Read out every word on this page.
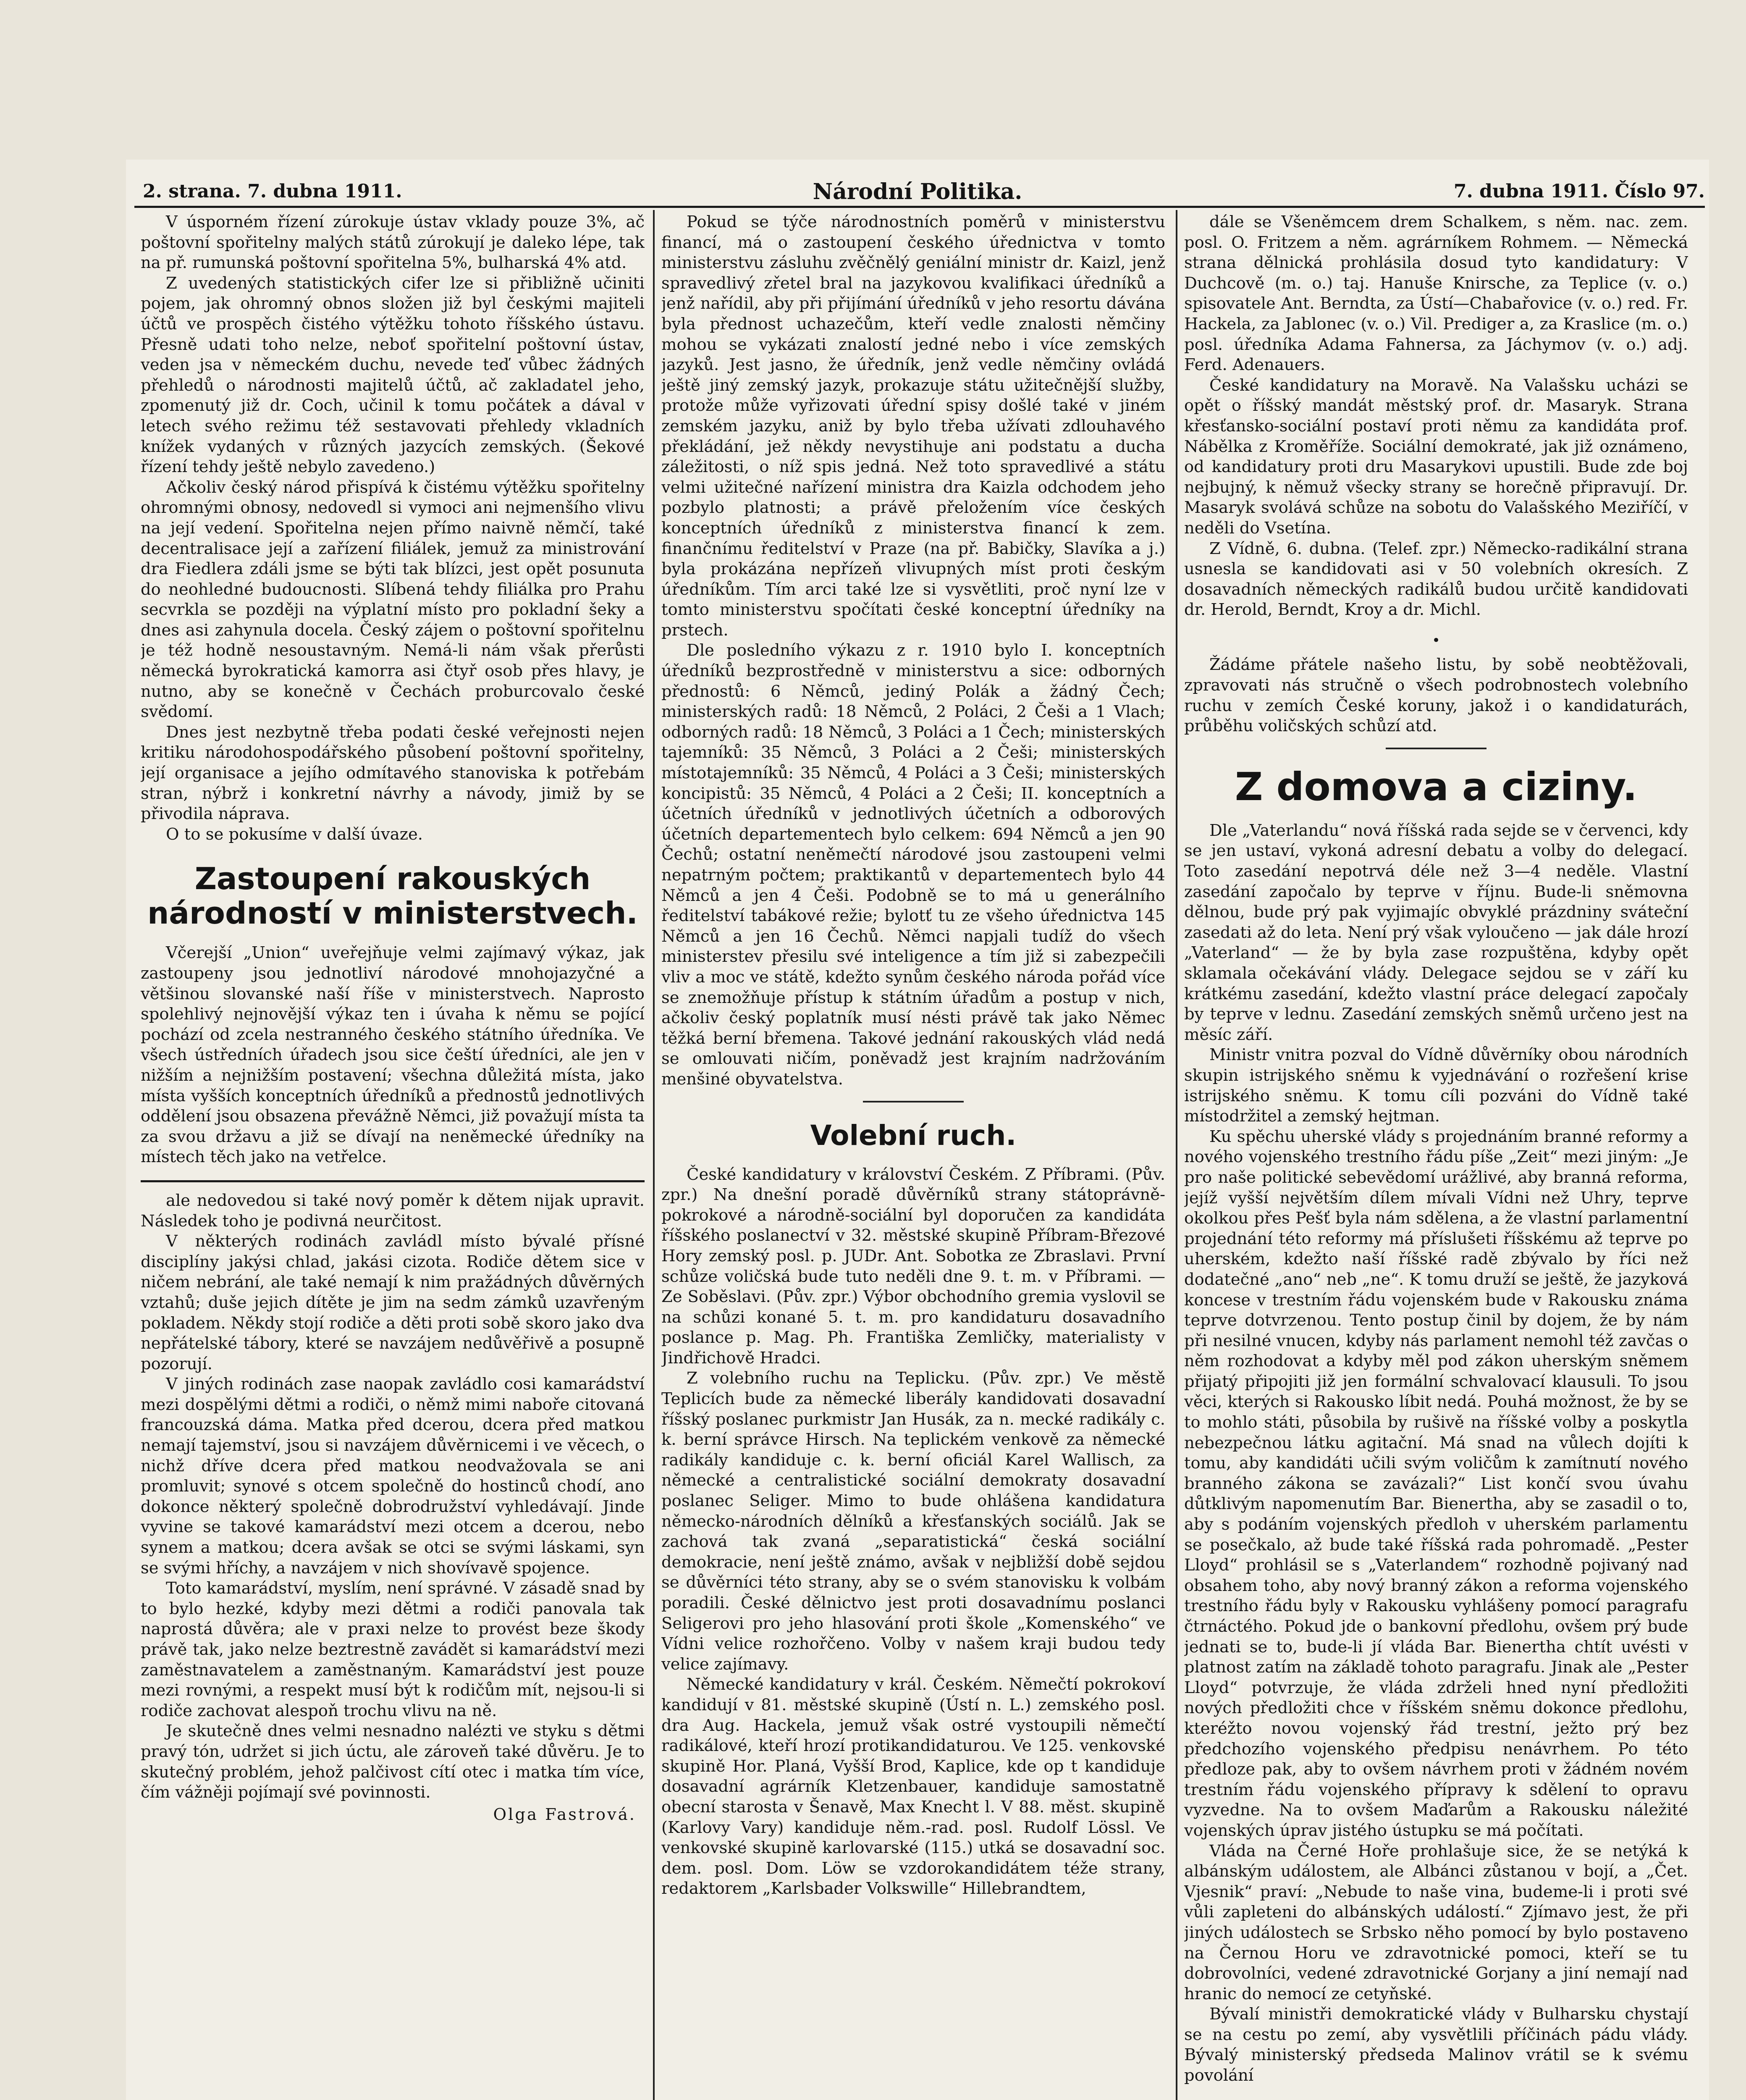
2. strana. 7. dubna 1911.	Národní Politika.	7. dubna 1911. Číslo 97.

V úsporném řízení zúrokuje ústav vklady pouze 3%, ač poštovní spořitelny malých států zúrokují je daleko lépe, tak na př. rumunská poštovní spořitelna 5%, bulharská 4% atd.

Z uvedených statistických cifer lze si přibližně učiniti pojem, jak ohromný obnos složen již byl českými majiteli účtů ve prospěch čistého výtěžku tohoto říšského ústavu. Přesně udati toho nelze, neboť spořitelní poštovní ústav, veden jsa v německém duchu, nevede teď vůbec žádných přehledů o národnosti majitelů účtů, ač zakladatel jeho, zpomenutý již dr. Coch, učinil k tomu počátek a dával v letech svého režimu též sestavovati přehledy vkladních knížek vydaných v různých jazycích zemských. (Šekové řízení tehdy ještě nebylo zavedeno.)

Ačkoliv český národ přispívá k čistému výtěžku spořitelny ohromnými obnosy, nedovedl si vymoci ani nejmenšího vlivu na její vedení. Spořitelna nejen přímo naivně němčí, také decentralisace její a zařízení filiálek, jemuž za ministrování dra Fiedlera zdáli jsme se býti tak blízci, jest opět posunuta do neohledné budoucnosti. Slíbená tehdy filiálka pro Prahu secvrkla se později na výplatní místo pro pokladní šeky a dnes asi zahynula docela. Český zájem o poštovní spořitelnu je též hodně nesoustavným. Nemá-li nám však přerůsti německá byrokratická kamorra asi čtyř osob přes hlavy, je nutno, aby se konečně v Čechách proburcovalo české svědomí.

Dnes jest nezbytně třeba podati české veřejnosti nejen kritiku národohospodářského působení poštovní spořitelny, její organisace a jejího odmítavého stanoviska k potřebám stran, nýbrž i konkretní návrhy a návody, jimiž by se přivodila náprava.

O to se pokusíme v další úvaze.

Zastoupení rakouských národností v ministerstvech.

Včerejší „Union“ uveřejňuje velmi zajímavý výkaz, jak zastoupeny jsou jednotliví národové mnohojazyčné a většinou slovanské naší říše v ministerstvech. Naprosto spolehlivý nejnovější výkaz ten i úvaha k němu se pojící pochází od zcela nestranného českého státního úředníka. Ve všech ústředních úřadech jsou sice čeští úředníci, ale jen v nižším a nejnižším postavení; všechna důležitá místa, jako místa vyšších konceptních úředníků a přednostů jednotlivých oddělení jsou obsazena převážně Němci, již považují místa ta za svou državu a již se dívají na neněmecké úředníky na místech těch jako na vetřelce.

ale nedovedou si také nový poměr k dětem nijak upravit. Následek toho je podivná neurčitost.

V některých rodinách zavládl místo bývalé přísné disciplíny jakýsi chlad, jakási cizota. Rodiče dětem sice v ničem nebrání, ale také nemají k nim pražádných důvěrných vztahů; duše jejich dítěte je jim na sedm zámků uzavřeným pokladem. Někdy stojí rodiče a děti proti sobě skoro jako dva nepřátelské tábory, které se navzájem nedůvěřivě a posupně pozorují.

V jiných rodinách zase naopak zavládlo cosi kamarádství mezi dospělými dětmi a rodiči, o němž mimi naboře citovaná francouzská dáma. Matka před dcerou, dcera před matkou nemají tajemství, jsou si navzájem důvěrnicemi i ve věcech, o nichž dříve dcera před matkou neodvažovala se ani promluvit; synové s otcem společně do hostinců chodí, ano dokonce některý společně dobrodružství vyhledávají. Jinde vyvine se takové kamarádství mezi otcem a dcerou, nebo synem a matkou; dcera avšak se otci se svými láskami, syn se svými hříchy, a navzájem v nich shovívavě spojence.

Toto kamarádství, myslím, není správné. V zásadě snad by to bylo hezké, kdyby mezi dětmi a rodiči panovala tak naprostá důvěra; ale v praxi nelze to provést beze škody právě tak, jako nelze beztrestně zavádět si kamarádství mezi zaměstnavatelem a zaměstnaným. Kamarádství jest pouze mezi rovnými, a respekt musí být k rodičům mít, nejsou-li si rodiče zachovat alespoň trochu vlivu na ně.

Je skutečně dnes velmi nesnadno nalézti ve styku s dětmi pravý tón, udržet si jich úctu, ale zároveň také důvěru. Je to skutečný problém, jehož palčivost cítí otec i matka tím více, čím vážněji pojímají své povinnosti.

Olga Fastrová.

Pokud se týče národnostních poměrů v ministerstvu financí, má o zastoupení českého úřednictva v tomto ministerstvu zásluhu zvěčnělý geniální ministr dr. Kaizl, jenž spravedlivý zřetel bral na jazykovou kvalifikaci úředníků a jenž nařídil, aby při přijímání úředníků v jeho resortu dávána byla přednost uchazečům, kteří vedle znalosti němčiny mohou se vykázati znalostí jedné nebo i více zemských jazyků. Jest jasno, že úředník, jenž vedle němčiny ovládá ještě jiný zemský jazyk, prokazuje státu užitečnější služby, protože může vyřizovati úřední spisy došlé také v jiném zemském jazyku, aniž by bylo třeba užívati zdlouhavého překládání, jež někdy nevystihuje ani podstatu a ducha záležitosti, o níž spis jedná. Než toto spravedlivé a státu velmi užitečné nařízení ministra dra Kaizla odchodem jeho pozbylo platnosti; a právě přeložením více českých konceptních úředníků z ministerstva financí k zem. finančnímu ředitelství v Praze (na př. Babičky, Slavíka a j.) byla prokázána nepřízeň vlivupných míst proti českým úředníkům. Tím arci také lze si vysvětliti, proč nyní lze v tomto ministerstvu spočítati české konceptní úředníky na prstech.

Dle posledního výkazu z r. 1910 bylo I. konceptních úředníků bezprostředně v ministerstvu a sice: odborných přednostů: 6 Němců, jediný Polák a žádný Čech; ministerských radů: 18 Němců, 2 Poláci, 2 Češi a 1 Vlach; odborných radů: 18 Němců, 3 Poláci a 1 Čech; ministerských tajemníků: 35 Němců, 3 Poláci a 2 Češi; ministerských místotajemníků: 35 Němců, 4 Poláci a 3 Češi; ministerských koncipistů: 35 Němců, 4 Poláci a 2 Češi; II. konceptních a účetních úředníků v jednotlivých účetních a odborových účetních departementech bylo celkem: 694 Němců a jen 90 Čechů; ostatní neněmečtí národové jsou zastoupeni velmi nepatrným počtem; praktikantů v departementech bylo 44 Němců a jen 4 Češi. Podobně se to má u generálního ředitelství tabákové režie; bylotť tu ze všeho úřednictva 145 Němců a jen 16 Čechů. Němci napjali tudíž do všech ministerstev přesilu své inteligence a tím již si zabezpečili vliv a moc ve státě, kdežto synům českého národa pořád více se znemožňuje přístup k státním úřadům a postup v nich, ačkoliv český poplatník musí nésti právě tak jako Němec těžká berní břemena. Takové jednání rakouských vlád nedá se omlouvati ničím, poněvadž jest krajním nadržováním menšiné obyvatelstva.

Volební ruch.

České kandidatury v království Českém. Z Příbrami. (Pův. zpr.) Na dnešní poradě důvěrníků strany státoprávně-pokrokové a národně-sociální byl doporučen za kandidáta říšského poslanectví v 32. městské skupině Příbram-Březové Hory zemský posl. p. JUDr. Ant. Sobotka ze Zbraslavi. První schůze voličská bude tuto neděli dne 9. t. m. v Příbrami. — Ze Soběslavi. (Pův. zpr.) Výbor obchodního gremia vyslovil se na schůzi konané 5. t. m. pro kandidaturu dosavadního poslance p. Mag. Ph. Františka Zemličky, materialisty v Jindřichově Hradci.

Z volebního ruchu na Teplicku. (Pův. zpr.) Ve městě Teplicích bude za německé liberály kandidovati dosavadní říšský poslanec purkmistr Jan Husák, za n. mecké radikály c. k. berní správce Hirsch. Na teplickém venkově za německé radikály kandiduje c. k. berní oficiál Karel Wallisch, za německé a centralistické sociální demokraty dosavadní poslanec Seliger. Mimo to bude ohlášena kandidatura německo-národních dělníků a křesťanských sociálů. Jak se zachová tak zvaná „separatistická“ česká sociální demokracie, není ještě známo, avšak v nejbližší době sejdou se důvěrníci této strany, aby se o svém stanovisku k volbám poradili. České dělnictvo jest proti dosavadnímu poslanci Seligerovi pro jeho hlasování proti škole „Komenského“ ve Vídni velice rozhořčeno. Volby v našem kraji budou tedy velice zajímavy.

Německé kandidatury v král. Českém. Němečtí pokrokoví kandidují v 81. městské skupině (Ústí n. L.) zemského posl. dra Aug. Hackela, jemuž však ostré vystoupili němečtí radikálové, kteří hrozí protikandidaturou. Ve 125. venkovské skupině Hor. Planá, Vyšší Brod, Kaplice, kde op t kandiduje dosavadní agrárník Kletzenbauer, kandiduje samostatně obecní starosta v Šenavě, Max Knecht l. V 88. měst. skupině (Karlovy Vary) kandiduje něm.-rad. posl. Rudolf Lössl. Ve venkovské skupině karlovarské (115.) utká se dosavadní soc. dem. posl. Dom. Löw se vzdorokandidátem téže strany, redaktorem „Karlsbader Volkswille“ Hillebrandtem,

dále se Všeněmcem drem Schalkem, s něm. nac. zem. posl. O. Fritzem a něm. agrárníkem Rohmem. — Německá strana dělnická prohlásila dosud tyto kandidatury: V Duchcově (m. o.) taj. Hanuše Knirsche, za Teplice (v. o.) spisovatele Ant. Berndta, za Ústí—Chabařovice (v. o.) red. Fr. Hackela, za Jablonec (v. o.) Vil. Prediger a, za Kraslice (m. o.) posl. úředníka Adama Fahnersa, za Jáchymov (v. o.) adj. Ferd. Adenauers.

České kandidatury na Moravě. Na Valašsku ucházi se opět o říšský mandát městský prof. dr. Masaryk. Strana křesťansko-sociální postaví proti němu za kandidáta prof. Nábělka z Kroměříže. Sociální demokraté, jak již oznámeno, od kandidatury proti dru Masarykovi upustili. Bude zde boj nejbujný, k němuž všecky strany se horečně připravují. Dr. Masaryk svolává schůze na sobotu do Valašského Meziříčí, v neděli do Vsetína.

Z Vídně, 6. dubna. (Telef. zpr.) Německo-radikální strana usnesla se kandidovati asi v 50 volebních okresích. Z dosavadních německých radikálů budou určitě kandidovati dr. Herold, Berndt, Kroy a dr. Michl.

•

Žádáme přátele našeho listu, by sobě neobtěžovali, zpravovati nás stručně o všech podrobnostech volebního ruchu v zemích České koruny, jakož i o kandidaturách, průběhu voličských schůzí atd.

Z domova a ciziny.

Dle „Vaterlandu“ nová říšská rada sejde se v červenci, kdy se jen ustaví, vykoná adresní debatu a volby do delegací. Toto zasedání nepotrvá déle než 3—4 neděle. Vlastní zasedání započalo by teprve v říjnu. Bude-li sněmovna dělnou, bude prý pak vyjimajíc obvyklé prázdniny sváteční zasedati až do leta. Není prý však vyloučeno — jak dále hrozí „Vaterland“ — že by byla zase rozpuštěna, kdyby opět sklamala očekávání vlády. Delegace sejdou se v září ku krátkému zasedání, kdežto vlastní práce delegací započaly by teprve v lednu. Zasedání zemských sněmů určeno jest na měsíc září.

Ministr vnitra pozval do Vídně důvěrníky obou národních skupin istrijského sněmu k vyjednávání o rozřešení krise istrijského sněmu. K tomu cíli pozváni do Vídně také místodržitel a zemský hejtman.

Ku spěchu uherské vlády s projednáním branné reformy a nového vojenského trestního řádu píše „Zeit“ mezi jiným: „Je pro naše politické sebevědomí urážlivé, aby branná reforma, jejíž vyšší největším dílem mívali Vídni než Uhry, teprve okolkou přes Pešť byla nám sdělena, a že vlastní parlamentní projednání této reformy má příslušeti říšskému až teprve po uherském, kdežto naší říšské radě zbývalo by říci než dodatečné „ano“ neb „ne“. K tomu druží se ještě, že jazyková koncese v trestním řádu vojenském bude v Rakousku známa teprve dotvrzenou. Tento postup činil by dojem, že by nám při nesilné vnucen, kdyby nás parlament nemohl též zavčas o něm rozhodovat a kdyby měl pod zákon uherským sněmem přijatý připojiti již jen formální schvalovací klausuli. To jsou věci, kterých si Rakousko líbit nedá. Pouhá možnost, že by se to mohlo státi, působila by rušivě na říšské volby a poskytla nebezpečnou látku agitační. Má snad na vůlech dojíti k tomu, aby kandidáti učili svým voličům k zamítnutí nového branného zákona se zavázali?“ List končí svou úvahu důtklivým napomenutím Bar. Bienertha, aby se zasadil o to, aby s podáním vojenských předloh v uherském parlamentu se posečkalo, až bude také říšská rada pohromadě. „Pester Lloyd“ prohlásil se s „Vaterlandem“ rozhodně pojivaný nad obsahem toho, aby nový branný zákon a reforma vojenského trestního řádu byly v Rakousku vyhlášeny pomocí paragrafu čtrnáctého. Pokud jde o bankovní předlohu, ovšem prý bude jednati se to, bude-li jí vláda Bar. Bienertha chtít uvésti v platnost zatím na základě tohoto paragrafu. Jinak ale „Pester Lloyd“ potvrzuje, že vláda zdrželi hned nyní předložiti nových předložiti chce v říšském sněmu dokonce předlohu, kteréžto novou vojenský řád trestní, ježto prý bez předchozího vojenského předpisu nenávrhem. Po této předloze pak, aby to ovšem návrhem proti v žádném novém trestním řádu vojenského přípravy k sdělení to opravu vyzvedne. Na to ovšem Maďarům a Rakousku náležité vojenských úprav jistého ústupku se má počítati.

Vláda na Černé Hoře prohlašuje sice, že se netýká k albánským událostem, ale Albánci zůstanou v bojí, a „Čet. Vjesnik“ praví: „Nebude to naše vina, budeme-li i proti své vůli zapleteni do albánských událostí.“ Zjímavo jest, že při jiných událostech se Srbsko něho pomocí by bylo postaveno na Černou Horu ve zdravotnické pomoci, kteří se tu dobrovolníci, vedené zdravotnické Gorjany a jiní nemají nad hranic do nemocí ze cetyňské.

Bývalí ministři demokratické vlády v Bulharsku chystají se na cestu po zemí, aby vysvětlili příčinách pádu vlády. Bývalý ministerský předseda Malinov vrátil se k svému povolání
